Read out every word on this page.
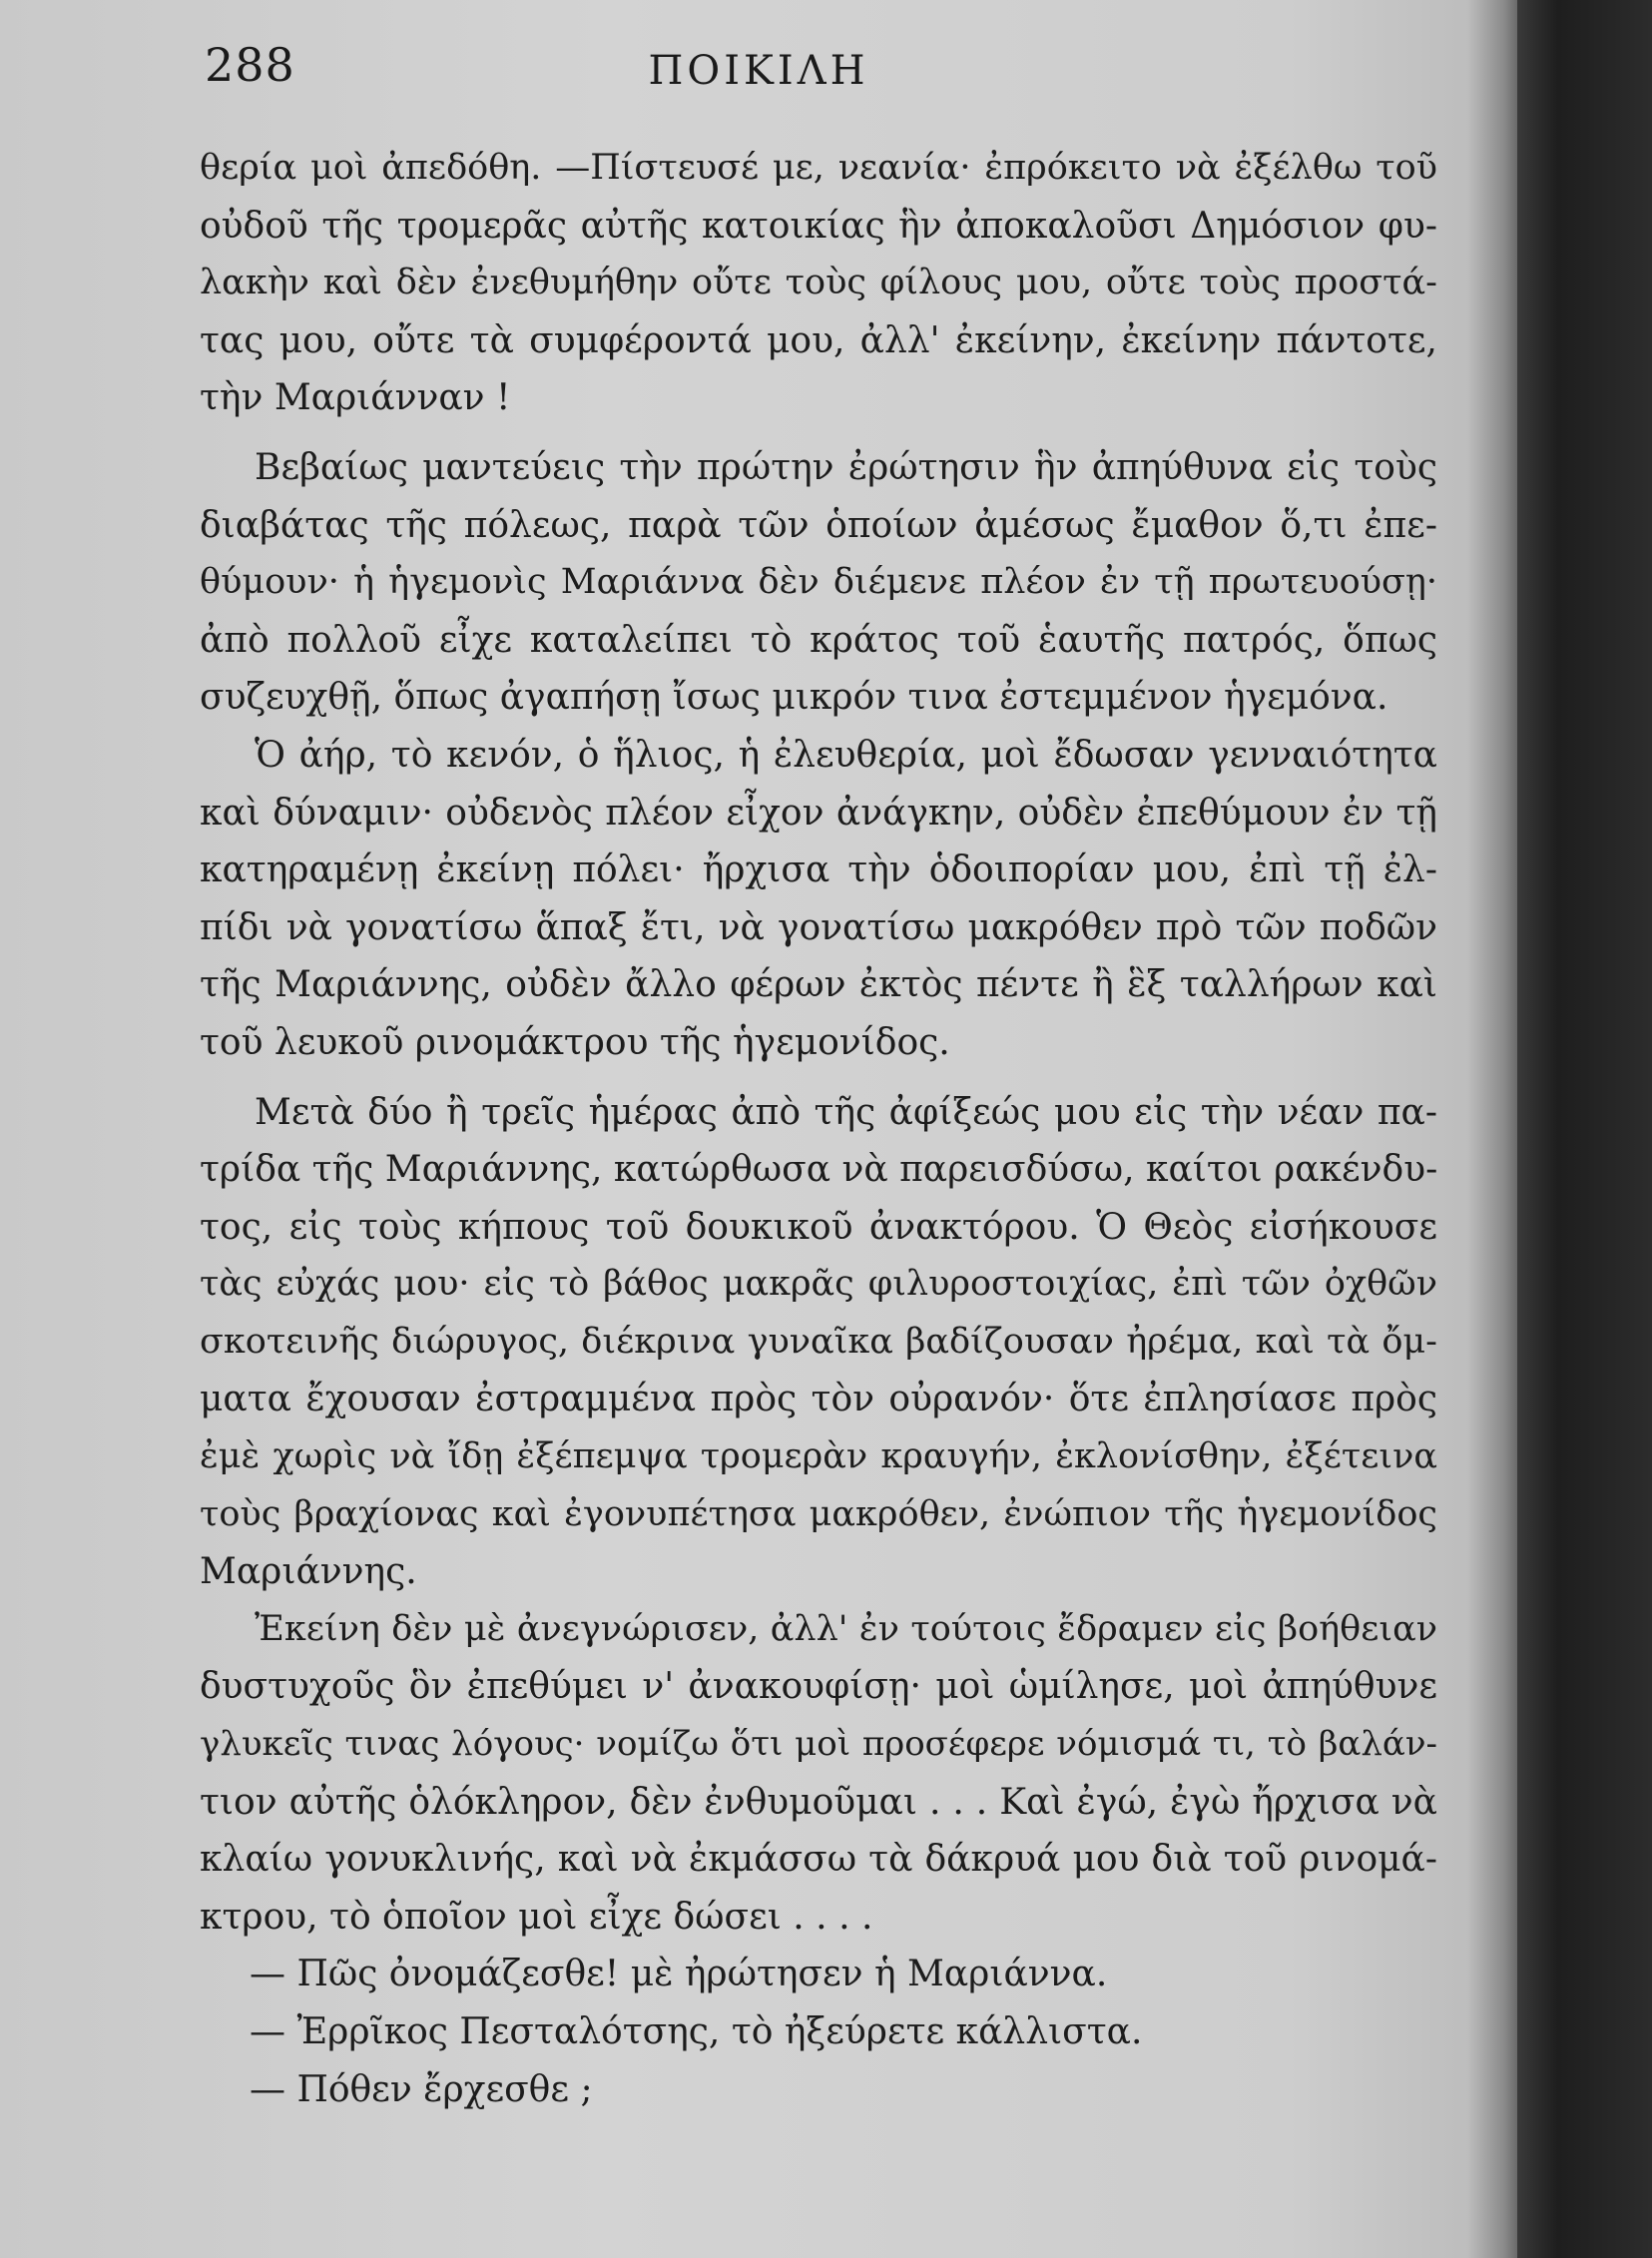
288	ΠΟΙΚΙΛΗ
θερία μοὶ ἀπεδόθη. —Πίστευσέ με, νεανία· ἐπρόκειτο νὰ ἐξέλθω τοῦ
οὐδοῦ τῆς τρομερᾶς αὐτῆς κατοικίας ἣν ἀποκαλοῦσι Δημόσιον φυ-
λακὴν καὶ δὲν ἐνεθυμήθην οὔτε τοὺς φίλους μου, οὔτε τοὺς προστά-
τας μου, οὔτε τὰ συμφέροντά μου, ἀλλ' ἐκείνην, ἐκείνην πάντοτε,
τὴν Μαριάνναν !
Βεβαίως μαντεύεις τὴν πρώτην ἐρώτησιν ἣν ἀπηύθυνα εἰς τοὺς
διαβάτας τῆς πόλεως, παρὰ τῶν ὁποίων ἀμέσως ἔμαθον ὅ,τι ἐπε-
θύμουν· ἡ ἡγεμονὶς Μαριάννα δὲν διέμενε πλέον ἐν τῇ πρωτευούσῃ·
ἀπὸ πολλοῦ εἶχε καταλείπει τὸ κράτος τοῦ ἑαυτῆς πατρός, ὅπως
συζευχθῇ, ὅπως ἀγαπήσῃ ἴσως μικρόν τινα ἐστεμμένον ἡγεμόνα.
Ὁ ἀήρ, τὸ κενόν, ὁ ἥλιος, ἡ ἐλευθερία, μοὶ ἔδωσαν γενναιότητα
καὶ δύναμιν· οὐδενὸς πλέον εἶχον ἀνάγκην, οὐδὲν ἐπεθύμουν ἐν τῇ
κατηραμένῃ ἐκείνῃ πόλει· ἤρχισα τὴν ὁδοιπορίαν μου, ἐπὶ τῇ ἐλ-
πίδι νὰ γονατίσω ἅπαξ ἔτι, νὰ γονατίσω μακρόθεν πρὸ τῶν ποδῶν
τῆς Μαριάννης, οὐδὲν ἄλλο φέρων ἐκτὸς πέντε ἢ ἓξ ταλλήρων καὶ
τοῦ λευκοῦ ρινομάκτρου τῆς ἡγεμονίδος.
Μετὰ δύο ἢ τρεῖς ἡμέρας ἀπὸ τῆς ἀφίξεώς μου εἰς τὴν νέαν πα-
τρίδα τῆς Μαριάννης, κατώρθωσα νὰ παρεισδύσω, καίτοι ρακένδυ-
τος, εἰς τοὺς κήπους τοῦ δουκικοῦ ἀνακτόρου. Ὁ Θεὸς εἰσήκουσε
τὰς εὐχάς μου· εἰς τὸ βάθος μακρᾶς φιλυροστοιχίας, ἐπὶ τῶν ὀχθῶν
σκοτεινῆς διώρυγος, διέκρινα γυναῖκα βαδίζουσαν ἠρέμα, καὶ τὰ ὄμ-
ματα ἔχουσαν ἐστραμμένα πρὸς τὸν οὐρανόν· ὅτε ἐπλησίασε πρὸς
ἐμὲ χωρὶς νὰ ἴδῃ ἐξέπεμψα τρομερὰν κραυγήν, ἐκλονίσθην, ἐξέτεινα
τοὺς βραχίονας καὶ ἐγονυπέτησα μακρόθεν, ἐνώπιον τῆς ἡγεμονίδος
Μαριάννης.
Ἐκείνη δὲν μὲ ἀνεγνώρισεν, ἀλλ' ἐν τούτοις ἔδραμεν εἰς βοήθειαν
δυστυχοῦς ὃν ἐπεθύμει ν' ἀνακουφίσῃ· μοὶ ὡμίλησε, μοὶ ἀπηύθυνε
γλυκεῖς τινας λόγους· νομίζω ὅτι μοὶ προσέφερε νόμισμά τι, τὸ βαλάν-
τιον αὐτῆς ὁλόκληρον, δὲν ἐνθυμοῦμαι . . . Καὶ ἐγώ, ἐγὼ ἤρχισα νὰ
κλαίω γονυκλινής, καὶ νὰ ἐκμάσσω τὰ δάκρυά μου διὰ τοῦ ρινομά-
κτρου, τὸ ὁποῖον μοὶ εἶχε δώσει . . . .
— Πῶς ὀνομάζεσθε! μὲ ἠρώτησεν ἡ Μαριάννα.
— Ἐρρῖκος Πεσταλότσης, τὸ ἠξεύρετε κάλλιστα.
— Πόθεν ἔρχεσθε ;
